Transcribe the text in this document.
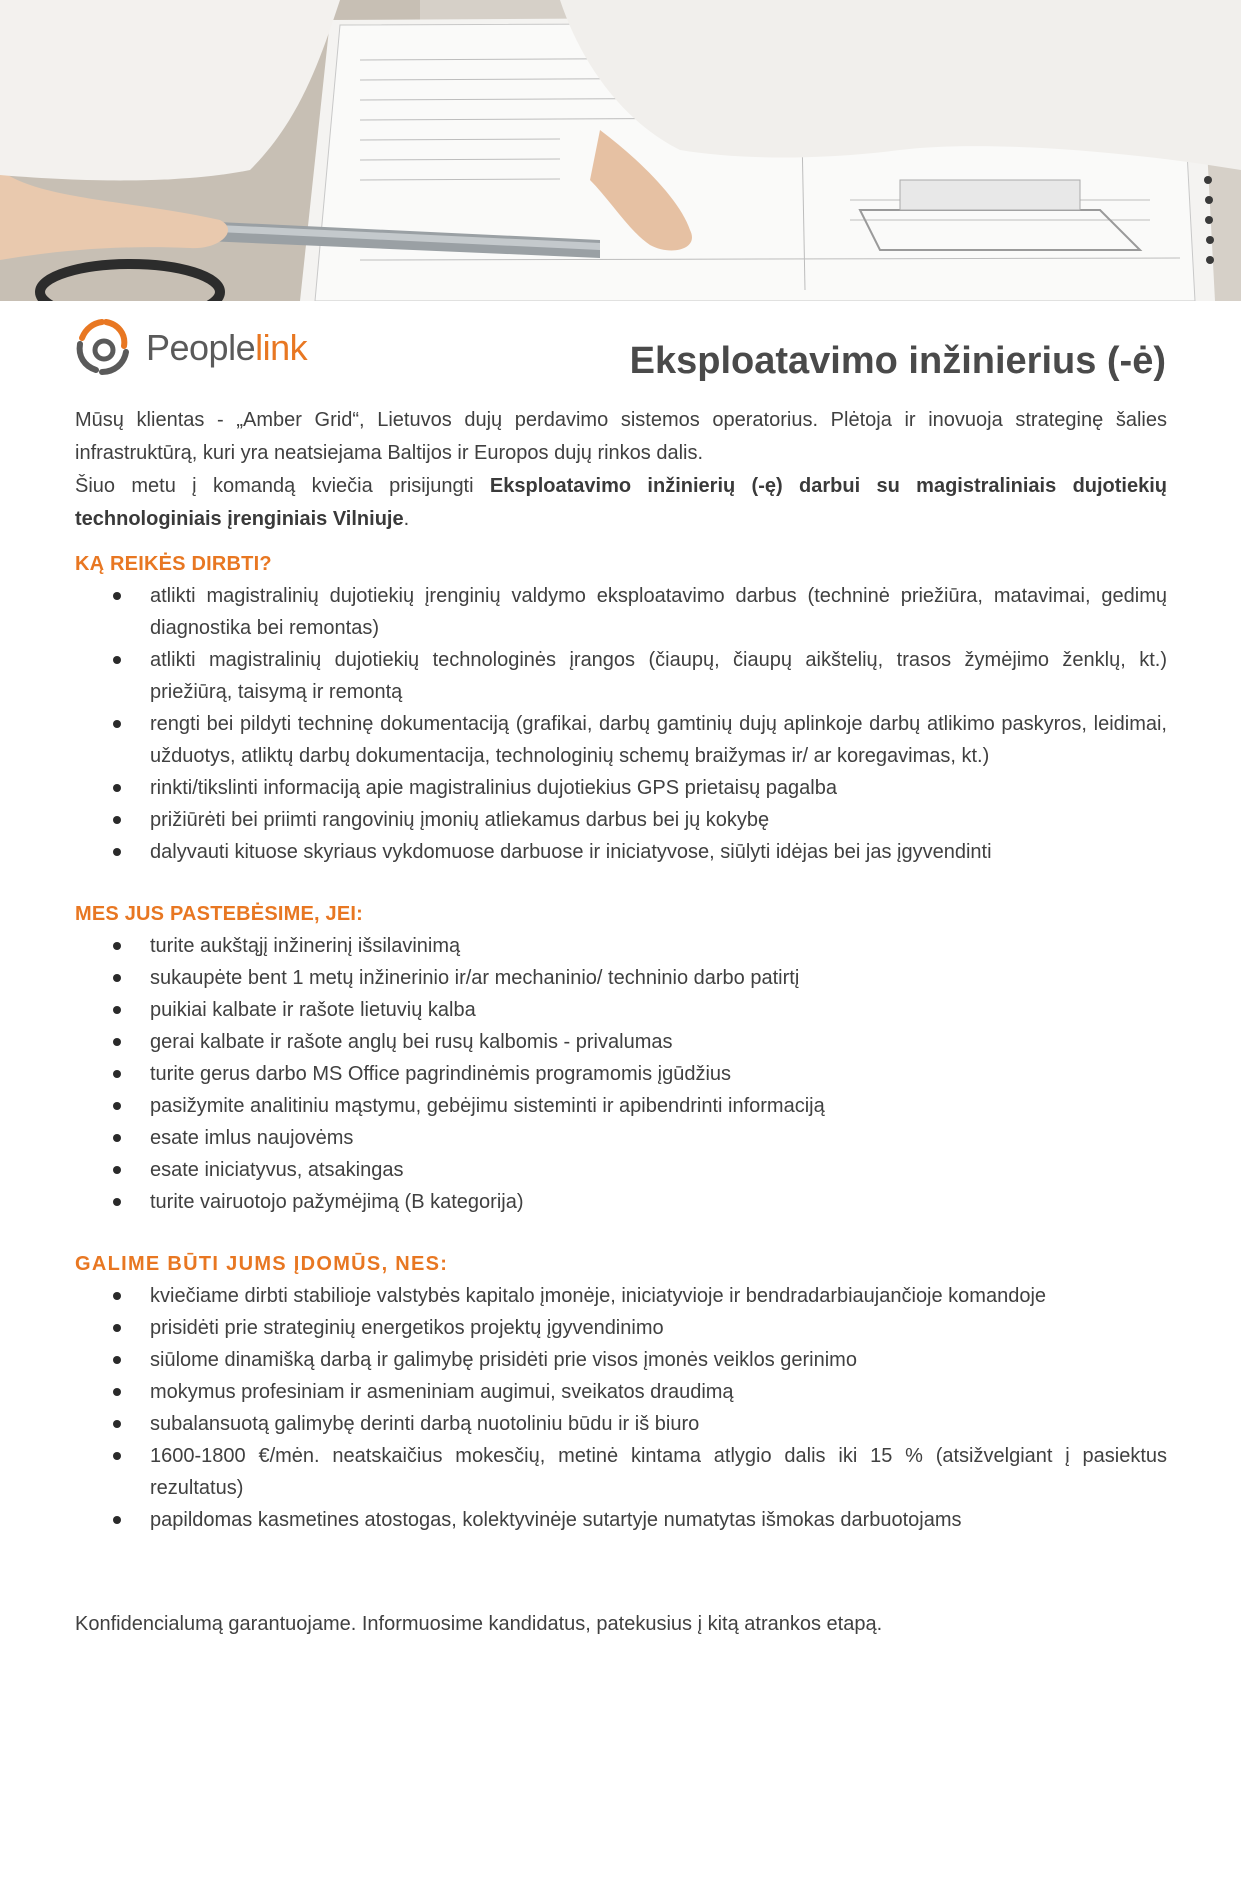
Peoplelink	Eksploatavimo inžinierius (-ė)

Mūsų klientas - „Amber Grid“, Lietuvos dujų perdavimo sistemos operatorius. Plėtoja ir inovuoja strateginę šalies infrastruktūrą, kuri yra neatsiejama Baltijos ir Europos dujų rinkos dalis.
Šiuo metu į komandą kviečia prisijungti Eksploatavimo inžinierių (-ę) darbui su magistraliniais dujotiekių technologiniais įrenginiais Vilniuje.

KĄ REIKĖS DIRBTI?
atlikti magistralinių dujotiekių įrenginių valdymo eksploatavimo darbus (techninė priežiūra, matavimai, gedimų diagnostika bei remontas)
atlikti magistralinių dujotiekių technologinės įrangos (čiaupų, čiaupų aikštelių, trasos žymėjimo ženklų, kt.) priežiūrą, taisymą ir remontą
rengti bei pildyti techninę dokumentaciją (grafikai, darbų gamtinių dujų aplinkoje darbų atlikimo paskyros, leidimai, užduotys, atliktų darbų dokumentacija, technologinių schemų braižymas ir/ ar koregavimas, kt.)
rinkti/tikslinti informaciją apie magistralinius dujotiekius GPS prietaisų pagalba
prižiūrėti bei priimti rangovinių įmonių atliekamus darbus bei jų kokybę
dalyvauti kituose skyriaus vykdomuose darbuose ir iniciatyvose, siūlyti idėjas bei jas įgyvendinti
MES JUS PASTEBĖSIME, JEI:
turite aukštąjį inžinerinį išsilavinimą
sukaupėte bent 1 metų inžinerinio ir/ar mechaninio/ techninio darbo patirtį
puikiai kalbate ir rašote lietuvių kalba
gerai kalbate ir rašote anglų bei rusų kalbomis - privalumas
turite gerus darbo MS Office pagrindinėmis programomis įgūdžius
pasižymite analitiniu mąstymu, gebėjimu sisteminti ir apibendrinti informaciją
esate imlus naujovėms
esate iniciatyvus, atsakingas
turite vairuotojo pažymėjimą (B kategorija)
GALIME BŪTI JUMS ĮDOMŪS, NES:
kviečiame dirbti stabilioje valstybės kapitalo įmonėje, iniciatyvioje ir bendradarbiaujančioje komandoje
prisidėti prie strateginių energetikos projektų įgyvendinimo
siūlome dinamišką darbą ir galimybę prisidėti prie visos įmonės veiklos gerinimo
mokymus profesiniam ir asmeniniam augimui, sveikatos draudimą
subalansuotą galimybę derinti darbą nuotoliniu būdu ir iš biuro
1600-1800 €/mėn. neatskaičius mokesčių, metinė kintama atlygio dalis iki 15 % (atsižvelgiant į pasiektus rezultatus)
papildomas kasmetines atostogas, kolektyvinėje sutartyje numatytas išmokas darbuotojams
Konfidencialumą garantuojame. Informuosime kandidatus, patekusius į kitą atrankos etapą.
